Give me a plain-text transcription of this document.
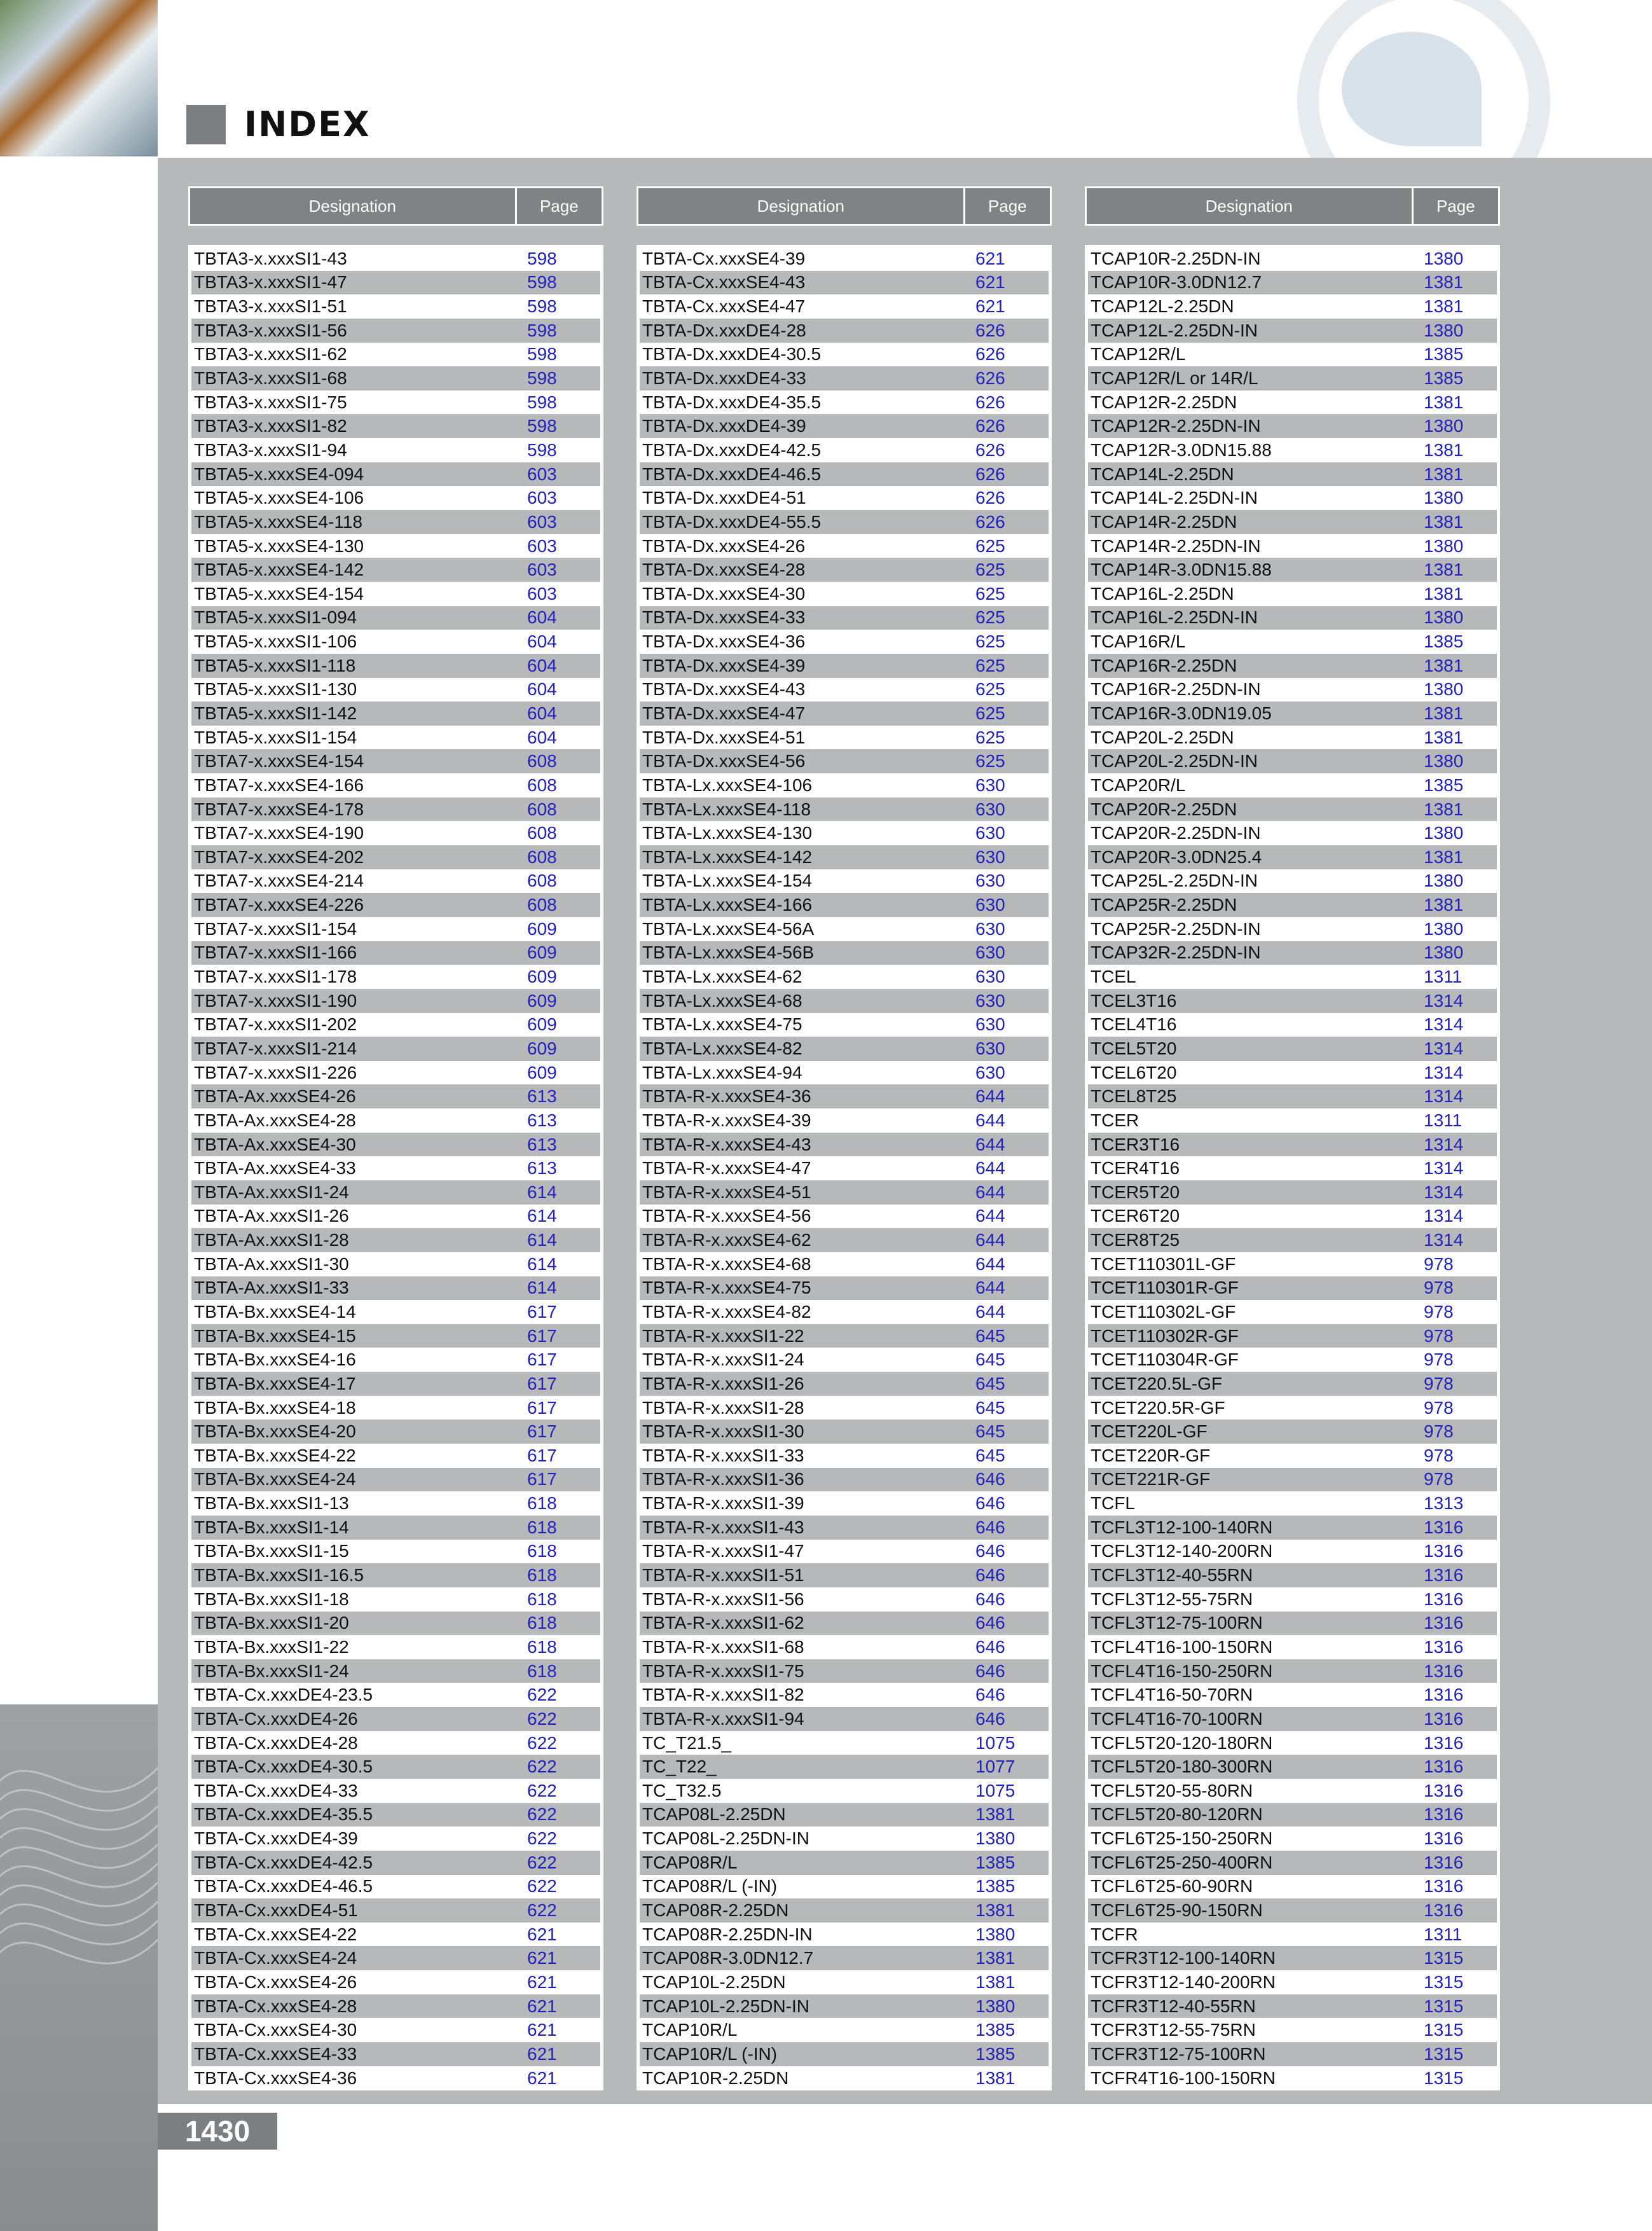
INDEX
Designation	Page
TBTA3-x.xxxSI1-43	598
TBTA3-x.xxxSI1-47	598
TBTA3-x.xxxSI1-51	598
TBTA3-x.xxxSI1-56	598
TBTA3-x.xxxSI1-62	598
TBTA3-x.xxxSI1-68	598
TBTA3-x.xxxSI1-75	598
TBTA3-x.xxxSI1-82	598
TBTA3-x.xxxSI1-94	598
TBTA5-x.xxxSE4-094	603
TBTA5-x.xxxSE4-106	603
TBTA5-x.xxxSE4-118	603
TBTA5-x.xxxSE4-130	603
TBTA5-x.xxxSE4-142	603
TBTA5-x.xxxSE4-154	603
TBTA5-x.xxxSI1-094	604
TBTA5-x.xxxSI1-106	604
TBTA5-x.xxxSI1-118	604
TBTA5-x.xxxSI1-130	604
TBTA5-x.xxxSI1-142	604
TBTA5-x.xxxSI1-154	604
TBTA7-x.xxxSE4-154	608
TBTA7-x.xxxSE4-166	608
TBTA7-x.xxxSE4-178	608
TBTA7-x.xxxSE4-190	608
TBTA7-x.xxxSE4-202	608
TBTA7-x.xxxSE4-214	608
TBTA7-x.xxxSE4-226	608
TBTA7-x.xxxSI1-154	609
TBTA7-x.xxxSI1-166	609
TBTA7-x.xxxSI1-178	609
TBTA7-x.xxxSI1-190	609
TBTA7-x.xxxSI1-202	609
TBTA7-x.xxxSI1-214	609
TBTA7-x.xxxSI1-226	609
TBTA-Ax.xxxSE4-26	613
TBTA-Ax.xxxSE4-28	613
TBTA-Ax.xxxSE4-30	613
TBTA-Ax.xxxSE4-33	613
TBTA-Ax.xxxSI1-24	614
TBTA-Ax.xxxSI1-26	614
TBTA-Ax.xxxSI1-28	614
TBTA-Ax.xxxSI1-30	614
TBTA-Ax.xxxSI1-33	614
TBTA-Bx.xxxSE4-14	617
TBTA-Bx.xxxSE4-15	617
TBTA-Bx.xxxSE4-16	617
TBTA-Bx.xxxSE4-17	617
TBTA-Bx.xxxSE4-18	617
TBTA-Bx.xxxSE4-20	617
TBTA-Bx.xxxSE4-22	617
TBTA-Bx.xxxSE4-24	617
TBTA-Bx.xxxSI1-13	618
TBTA-Bx.xxxSI1-14	618
TBTA-Bx.xxxSI1-15	618
TBTA-Bx.xxxSI1-16.5	618
TBTA-Bx.xxxSI1-18	618
TBTA-Bx.xxxSI1-20	618
TBTA-Bx.xxxSI1-22	618
TBTA-Bx.xxxSI1-24	618
TBTA-Cx.xxxDE4-23.5	622
TBTA-Cx.xxxDE4-26	622
TBTA-Cx.xxxDE4-28	622
TBTA-Cx.xxxDE4-30.5	622
TBTA-Cx.xxxDE4-33	622
TBTA-Cx.xxxDE4-35.5	622
TBTA-Cx.xxxDE4-39	622
TBTA-Cx.xxxDE4-42.5	622
TBTA-Cx.xxxDE4-46.5	622
TBTA-Cx.xxxDE4-51	622
TBTA-Cx.xxxSE4-22	621
TBTA-Cx.xxxSE4-24	621
TBTA-Cx.xxxSE4-26	621
TBTA-Cx.xxxSE4-28	621
TBTA-Cx.xxxSE4-30	621
TBTA-Cx.xxxSE4-33	621
TBTA-Cx.xxxSE4-36	621
Designation	Page
TBTA-Cx.xxxSE4-39	621
TBTA-Cx.xxxSE4-43	621
TBTA-Cx.xxxSE4-47	621
TBTA-Dx.xxxDE4-28	626
TBTA-Dx.xxxDE4-30.5	626
TBTA-Dx.xxxDE4-33	626
TBTA-Dx.xxxDE4-35.5	626
TBTA-Dx.xxxDE4-39	626
TBTA-Dx.xxxDE4-42.5	626
TBTA-Dx.xxxDE4-46.5	626
TBTA-Dx.xxxDE4-51	626
TBTA-Dx.xxxDE4-55.5	626
TBTA-Dx.xxxSE4-26	625
TBTA-Dx.xxxSE4-28	625
TBTA-Dx.xxxSE4-30	625
TBTA-Dx.xxxSE4-33	625
TBTA-Dx.xxxSE4-36	625
TBTA-Dx.xxxSE4-39	625
TBTA-Dx.xxxSE4-43	625
TBTA-Dx.xxxSE4-47	625
TBTA-Dx.xxxSE4-51	625
TBTA-Dx.xxxSE4-56	625
TBTA-Lx.xxxSE4-106	630
TBTA-Lx.xxxSE4-118	630
TBTA-Lx.xxxSE4-130	630
TBTA-Lx.xxxSE4-142	630
TBTA-Lx.xxxSE4-154	630
TBTA-Lx.xxxSE4-166	630
TBTA-Lx.xxxSE4-56A	630
TBTA-Lx.xxxSE4-56B	630
TBTA-Lx.xxxSE4-62	630
TBTA-Lx.xxxSE4-68	630
TBTA-Lx.xxxSE4-75	630
TBTA-Lx.xxxSE4-82	630
TBTA-Lx.xxxSE4-94	630
TBTA-R-x.xxxSE4-36	644
TBTA-R-x.xxxSE4-39	644
TBTA-R-x.xxxSE4-43	644
TBTA-R-x.xxxSE4-47	644
TBTA-R-x.xxxSE4-51	644
TBTA-R-x.xxxSE4-56	644
TBTA-R-x.xxxSE4-62	644
TBTA-R-x.xxxSE4-68	644
TBTA-R-x.xxxSE4-75	644
TBTA-R-x.xxxSE4-82	644
TBTA-R-x.xxxSI1-22	645
TBTA-R-x.xxxSI1-24	645
TBTA-R-x.xxxSI1-26	645
TBTA-R-x.xxxSI1-28	645
TBTA-R-x.xxxSI1-30	645
TBTA-R-x.xxxSI1-33	645
TBTA-R-x.xxxSI1-36	646
TBTA-R-x.xxxSI1-39	646
TBTA-R-x.xxxSI1-43	646
TBTA-R-x.xxxSI1-47	646
TBTA-R-x.xxxSI1-51	646
TBTA-R-x.xxxSI1-56	646
TBTA-R-x.xxxSI1-62	646
TBTA-R-x.xxxSI1-68	646
TBTA-R-x.xxxSI1-75	646
TBTA-R-x.xxxSI1-82	646
TBTA-R-x.xxxSI1-94	646
TC_T21.5_	1075
TC_T22_	1077
TC_T32.5	1075
TCAP08L-2.25DN	1381
TCAP08L-2.25DN-IN	1380
TCAP08R/L	1385
TCAP08R/L (-IN)	1385
TCAP08R-2.25DN	1381
TCAP08R-2.25DN-IN	1380
TCAP08R-3.0DN12.7	1381
TCAP10L-2.25DN	1381
TCAP10L-2.25DN-IN	1380
TCAP10R/L	1385
TCAP10R/L (-IN)	1385
TCAP10R-2.25DN	1381
Designation	Page
TCAP10R-2.25DN-IN	1380
TCAP10R-3.0DN12.7	1381
TCAP12L-2.25DN	1381
TCAP12L-2.25DN-IN	1380
TCAP12R/L	1385
TCAP12R/L or 14R/L	1385
TCAP12R-2.25DN	1381
TCAP12R-2.25DN-IN	1380
TCAP12R-3.0DN15.88	1381
TCAP14L-2.25DN	1381
TCAP14L-2.25DN-IN	1380
TCAP14R-2.25DN	1381
TCAP14R-2.25DN-IN	1380
TCAP14R-3.0DN15.88	1381
TCAP16L-2.25DN	1381
TCAP16L-2.25DN-IN	1380
TCAP16R/L	1385
TCAP16R-2.25DN	1381
TCAP16R-2.25DN-IN	1380
TCAP16R-3.0DN19.05	1381
TCAP20L-2.25DN	1381
TCAP20L-2.25DN-IN	1380
TCAP20R/L	1385
TCAP20R-2.25DN	1381
TCAP20R-2.25DN-IN	1380
TCAP20R-3.0DN25.4	1381
TCAP25L-2.25DN-IN	1380
TCAP25R-2.25DN	1381
TCAP25R-2.25DN-IN	1380
TCAP32R-2.25DN-IN	1380
TCEL	1311
TCEL3T16	1314
TCEL4T16	1314
TCEL5T20	1314
TCEL6T20	1314
TCEL8T25	1314
TCER	1311
TCER3T16	1314
TCER4T16	1314
TCER5T20	1314
TCER6T20	1314
TCER8T25	1314
TCET110301L-GF	978
TCET110301R-GF	978
TCET110302L-GF	978
TCET110302R-GF	978
TCET110304R-GF	978
TCET220.5L-GF	978
TCET220.5R-GF	978
TCET220L-GF	978
TCET220R-GF	978
TCET221R-GF	978
TCFL	1313
TCFL3T12-100-140RN	1316
TCFL3T12-140-200RN	1316
TCFL3T12-40-55RN	1316
TCFL3T12-55-75RN	1316
TCFL3T12-75-100RN	1316
TCFL4T16-100-150RN	1316
TCFL4T16-150-250RN	1316
TCFL4T16-50-70RN	1316
TCFL4T16-70-100RN	1316
TCFL5T20-120-180RN	1316
TCFL5T20-180-300RN	1316
TCFL5T20-55-80RN	1316
TCFL5T20-80-120RN	1316
TCFL6T25-150-250RN	1316
TCFL6T25-250-400RN	1316
TCFL6T25-60-90RN	1316
TCFL6T25-90-150RN	1316
TCFR	1311
TCFR3T12-100-140RN	1315
TCFR3T12-140-200RN	1315
TCFR3T12-40-55RN	1315
TCFR3T12-55-75RN	1315
TCFR3T12-75-100RN	1315
TCFR4T16-100-150RN	1315
1430
